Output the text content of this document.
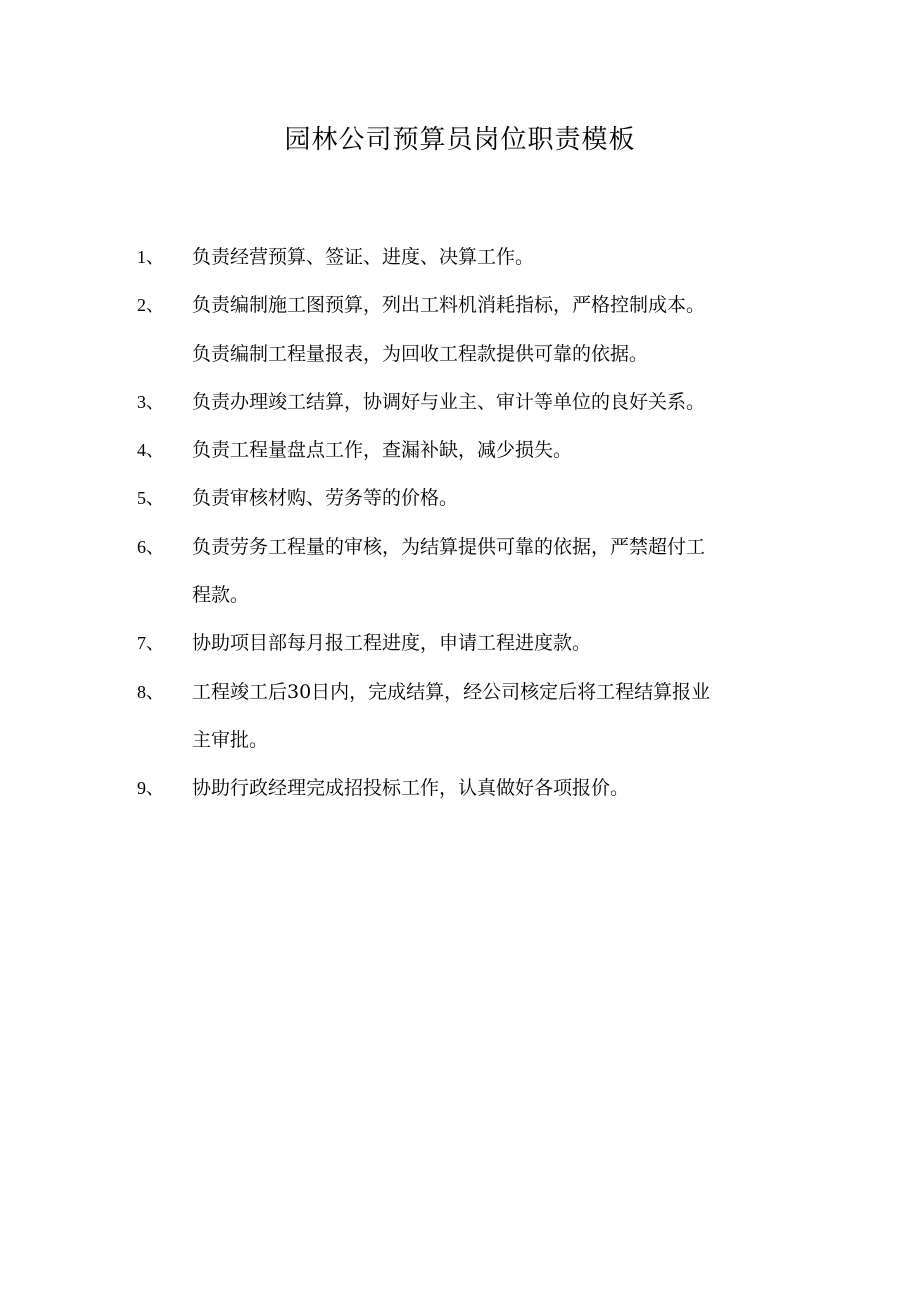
园林公司预算员岗位职责模板
1、	负责经营预算、签证、进度、决算工作。
2、	负责编制施工图预算，列出工料机消耗指标，严格控制成本。
负责编制工程量报表，为回收工程款提供可靠的依据。
3、	负责办理竣工结算，协调好与业主、审计等单位的良好关系。
4、	负责工程量盘点工作，查漏补缺，减少损失。
5、	负责审核材购、劳务等的价格。
6、	负责劳务工程量的审核，为结算提供可靠的依据，严禁超付工
程款。
7、	协助项目部每月报工程进度，申请工程进度款。
8、	工程竣工后30日内，完成结算，经公司核定后将工程结算报业
主审批。
9、	协助行政经理完成招投标工作，认真做好各项报价。
